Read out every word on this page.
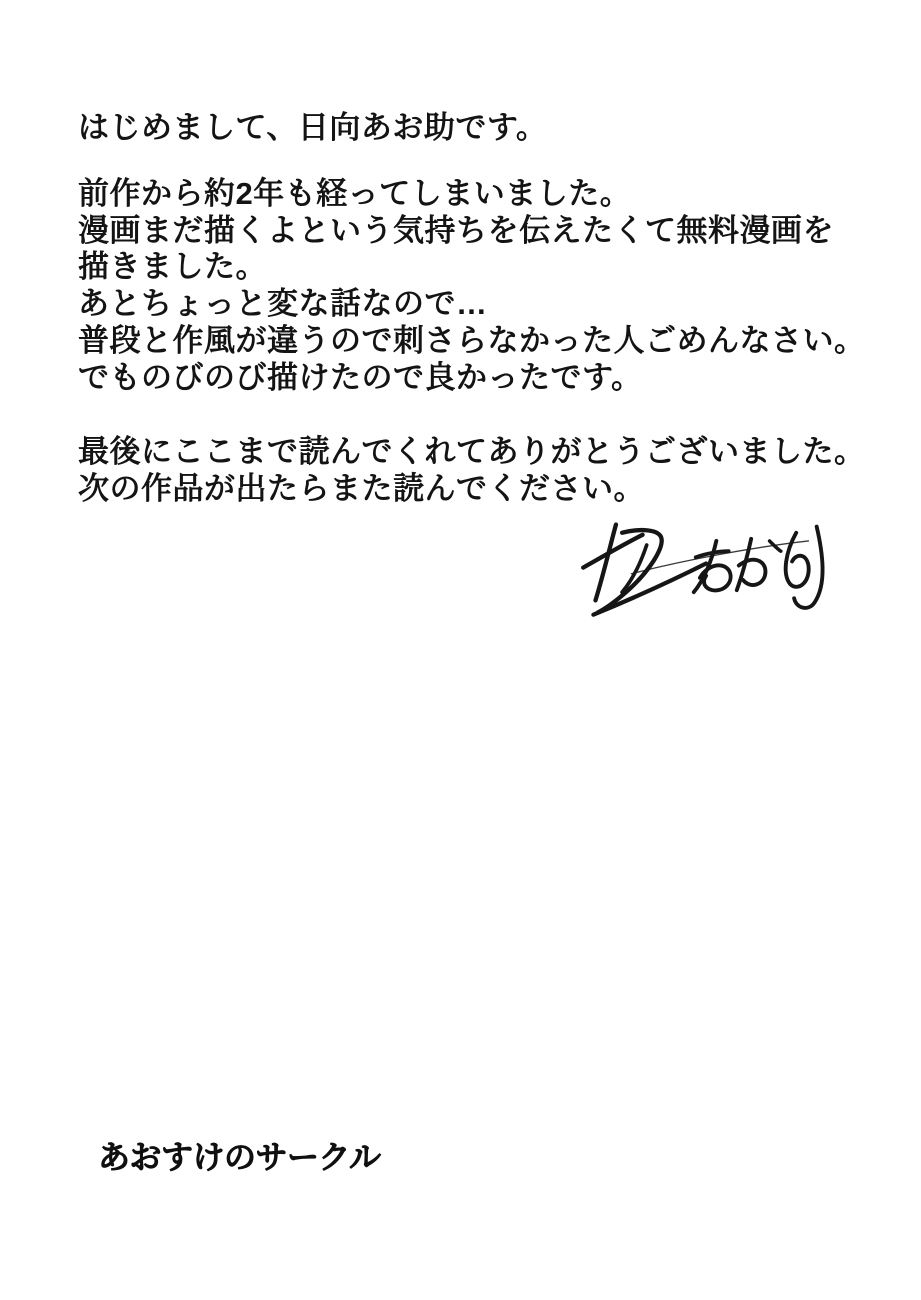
はじめまして、日向あお助です。
前作から約2年も経ってしまいました。
漫画まだ描くよという気持ちを伝えたくて無料漫画を
描きました。
あとちょっと変な話なので…
普段と作風が違うので刺さらなかった人ごめんなさい。
でものびのび描けたので良かったです。
最後にここまで読んでくれてありがとうございました。
次の作品が出たらまた読んでください。
あおすけのサークル
